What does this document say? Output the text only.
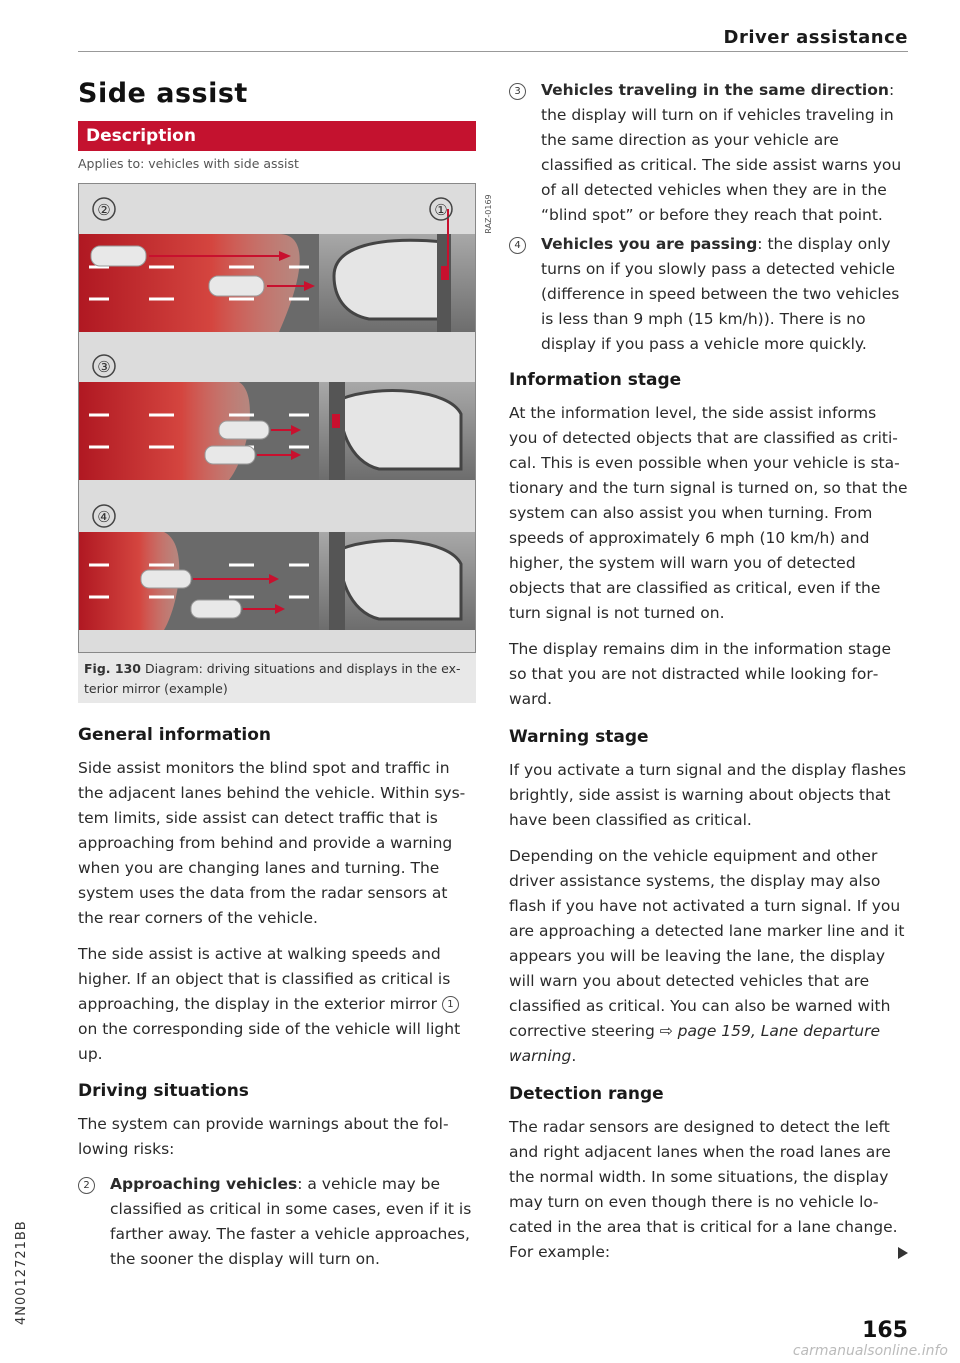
Driver assistance
Side assist
Description
Applies to: vehicles with side assist
②	①	RAZ-0169
③
④
Fig. 130 Diagram: driving situations and displays in the exterior mirror (example)
General information

Side assist monitors the blind spot and traffic in the adjacent lanes behind the vehicle. Within system limits, side assist can detect traffic that is approaching from behind and provide a warning when you are changing lanes and turning. The system uses the data from the radar sensors at the rear corners of the vehicle.

The side assist is active at walking speeds and higher. If an object that is classified as critical is approaching, the display in the exterior mirror 1 on the corresponding side of the vehicle will light up.

Driving situations

The system can provide warnings about the following risks:

2	Approaching vehicles: a vehicle may be classified as critical in some cases, even if it is farther away. The faster a vehicle approaches, the sooner the display will turn on.

3	Vehicles traveling in the same direction: the display will turn on if vehicles traveling in the same direction as your vehicle are classified as critical. The side assist warns you of all detected vehicles when they are in the “blind spot” or before they reach that point.

4	Vehicles you are passing: the display only turns on if you slowly pass a detected vehicle (difference in speed between the two vehicles is less than 9 mph (15 km/h)). There is no display if you pass a vehicle more quickly.

Information stage

At the information level, the side assist informs you of detected objects that are classified as critical. This is even possible when your vehicle is stationary and the turn signal is turned on, so that the system can also assist you when turning. From speeds of approximately 6 mph (10 km/h) and higher, the system will warn you of detected objects that are classified as critical, even if the turn signal is not turned on.

The display remains dim in the information stage so that you are not distracted while looking forward.

Warning stage

If you activate a turn signal and the display flashes brightly, side assist is warning about objects that have been classified as critical.

Depending on the vehicle equipment and other driver assistance systems, the display may also flash if you have not activated a turn signal. If you are approaching a detected lane marker line and it appears you will be leaving the lane, the display will warn you about detected vehicles that are classified as critical. You can also be warned with corrective steering ⇨ page 159, Lane departure warning.

Detection range

The radar sensors are designed to detect the left and right adjacent lanes when the road lanes are the normal width. In some situations, the display may turn on even though there is no vehicle located in the area that is critical for a lane change. For example:

4N0012721BB
165
carmanualsonline.info
